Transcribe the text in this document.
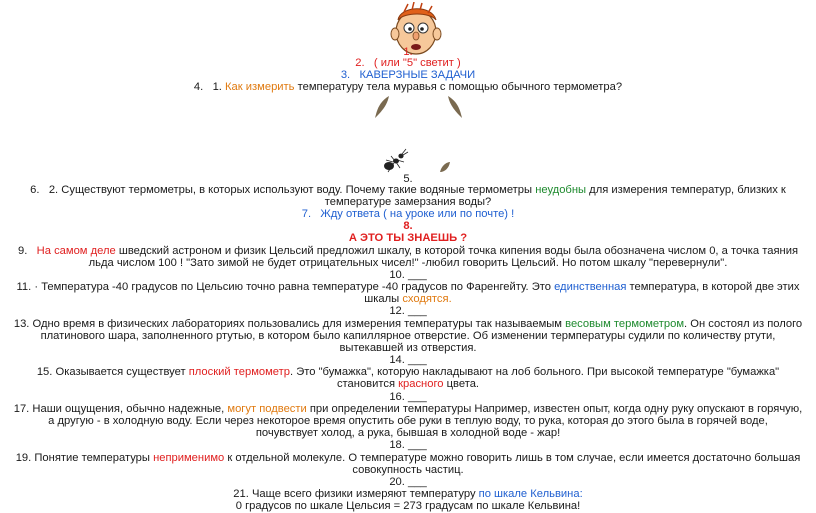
1.
2. ( или "5" светит )
3. КАВЕРЗНЫЕ ЗАДАЧИ
4. 1. Как измерить температуру тела муравья с помощью обычного термометра?
5.
6. 2. Существуют термометры, в которых используют воду. Почему такие водяные термометры неудобны для измерения температур, близких к
температуре замерзания воды?
7. Жду ответа ( на уроке или по почте) !
8.
А ЭТО ТЫ ЗНАЕШЬ ?
9. На самом деле шведский астроном и физик Цельсий предложил шкалу, в которой точка кипения воды была обозначена числом 0, а точка таяния
льда числом 100 ! "Зато зимой не будет отрицательных чисел!" -любил говорить Цельсий. Но потом шкалу "перевернули".
10. ___
11. · Температура -40 градусов по Цельсию точно равна температуре -40 градусов по Фаренгейту. Это единственная температура, в которой две этих
шкалы сходятся.
12. ___
13. Одно время в физических лабораториях пользовались для измерения температуры так называемым весовым термометром. Он состоял из полого
платинового шара, заполненного ртутью, в котором было капиллярное отверстие. Об изменении термпературы судили по количеству ртути,
вытекавшей из отверстия.
14. ___
15. Оказывается существует плоский термометр. Это "бумажка", которую накладывают на лоб больного. При высокой температуре "бумажка"
становится красного цвета.
16. ___
17. Наши ощущения, обычно надежные, могут подвести при определении температуры Например, известен опыт, когда одну руку опускают в горячую,
а другую - в холодную воду. Если через некоторое время опустить обе руки в теплую воду, то рука, которая до этого была в горячей воде,
почувствует холод, а рука, бывшая в холодной воде - жар!
18. ___
19. Понятие температуры неприменимо к отдельной молекуле. О температуре можно говорить лишь в том случае, если имеется достаточно большая
совокупность частиц.
20. ___
21. Чаще всего физики измеряют температуру по шкале Кельвина:
0 градусов по шкале Цельсия = 273 градусам по шкале Кельвина!
